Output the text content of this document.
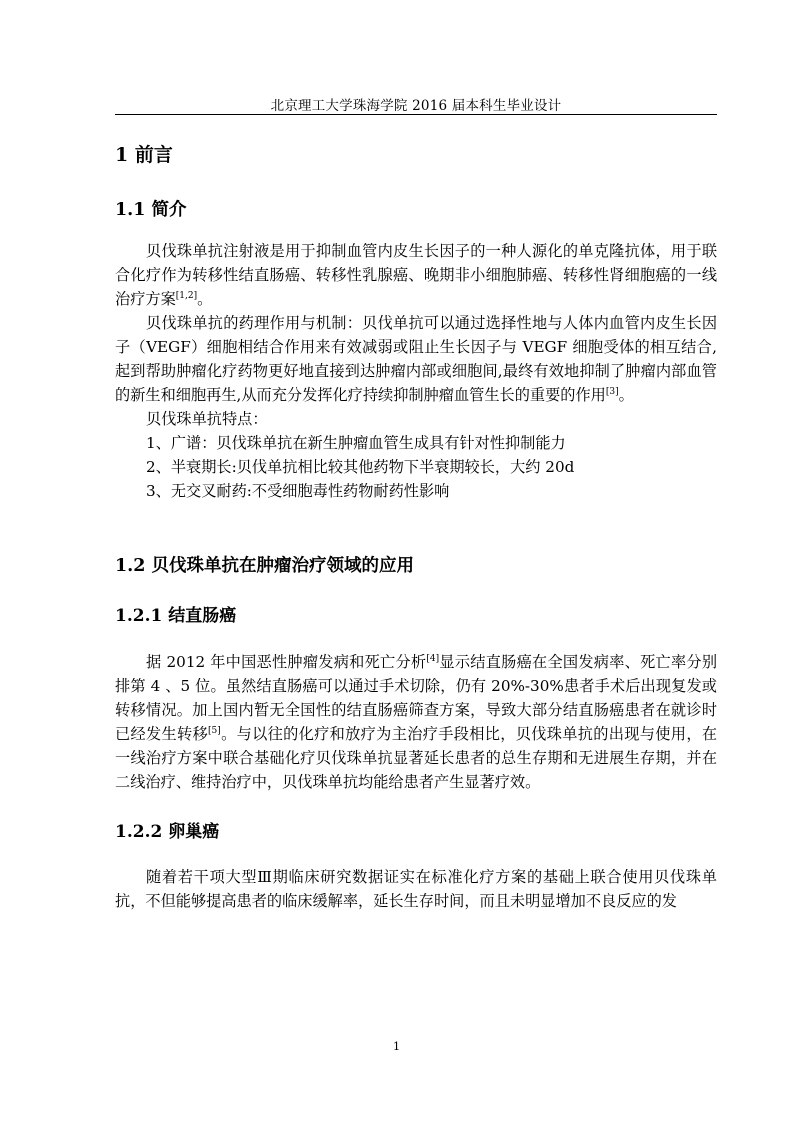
北京理工大学珠海学院 2016 届本科生毕业设计
1 前言
1.1 简介

贝伐珠单抗注射液是用于抑制血管内皮生长因子的一种人源化的单克隆抗体，用于联合化疗作为转移性结直肠癌、转移性乳腺癌、晚期非小细胞肺癌、转移性肾细胞癌的一线治疗方案[1,2]。

贝伐珠单抗的药理作用与机制：贝伐单抗可以通过选择性地与人体内血管内皮生长因子（VEGF）细胞相结合作用来有效减弱或阻止生长因子与 VEGF 细胞受体的相互结合,起到帮助肿瘤化疗药物更好地直接到达肿瘤内部或细胞间,最终有效地抑制了肿瘤内部血管的新生和细胞再生,从而充分发挥化疗持续抑制肿瘤血管生长的重要的作用[3]。

贝伐珠单抗特点：

1、广谱：贝伐珠单抗在新生肿瘤血管生成具有针对性抑制能力

2、半衰期长:贝伐单抗相比较其他药物下半衰期较长，大约 20d

3、无交叉耐药:不受细胞毒性药物耐药性影响

1.2 贝伐珠单抗在肿瘤治疗领域的应用
1.2.1 结直肠癌

据 2012 年中国恶性肿瘤发病和死亡分析[4]显示结直肠癌在全国发病率、死亡率分别排第 4 、5 位。虽然结直肠癌可以通过手术切除，仍有 20%-30%患者手术后出现复发或转移情况。加上国内暂无全国性的结直肠癌筛查方案，导致大部分结直肠癌患者在就诊时已经发生转移[5]。与以往的化疗和放疗为主治疗手段相比，贝伐珠单抗的出现与使用，在一线治疗方案中联合基础化疗贝伐珠单抗显著延长患者的总生存期和无进展生存期，并在二线治疗、维持治疗中，贝伐珠单抗均能给患者产生显著疗效。

1.2.2 卵巢癌

随着若干项大型Ⅲ期临床研究数据证实在标准化疗方案的基础上联合使用贝伐珠单抗，不但能够提高患者的临床缓解率，延长生存时间，而且未明显增加不良反应的发

1
